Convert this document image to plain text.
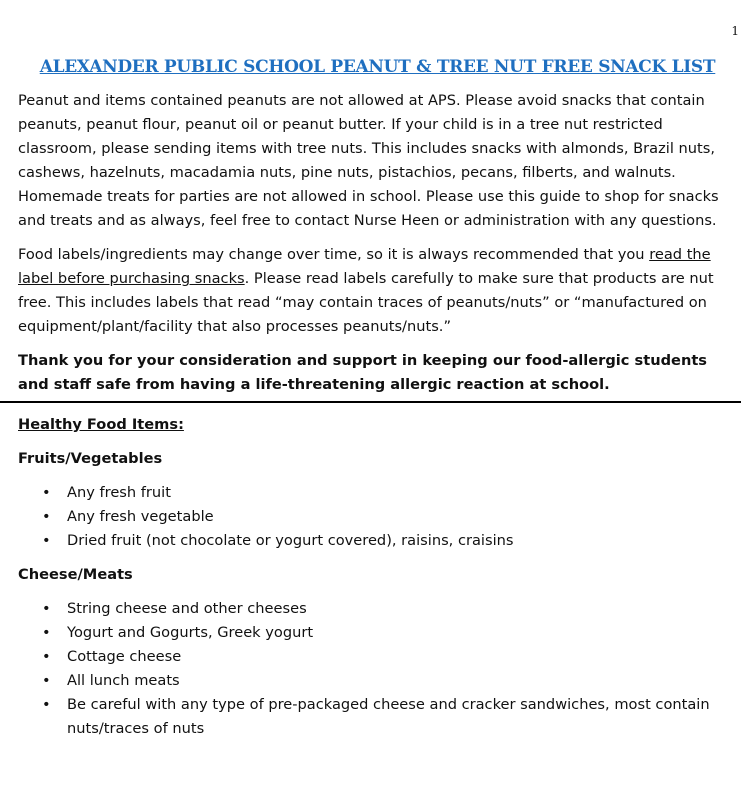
1
ALEXANDER PUBLIC SCHOOL PEANUT & TREE NUT FREE SNACK LIST

Peanut and items contained peanuts are not allowed at APS. Please avoid snacks that contain peanuts, peanut flour, peanut oil or peanut butter. If your child is in a tree nut restricted classroom, please sending items with tree nuts. This includes snacks with almonds, Brazil nuts, cashews, hazelnuts, macadamia nuts, pine nuts, pistachios, pecans, filberts, and walnuts. Homemade treats for parties are not allowed in school. Please use this guide to shop for snacks and treats and as always, feel free to contact Nurse Heen or administration with any questions.

Food labels/ingredients may change over time, so it is always recommended that you read the label before purchasing snacks. Please read labels carefully to make sure that products are nut free. This includes labels that read “may contain traces of peanuts/nuts” or “manufactured on equipment/plant/facility that also processes peanuts/nuts.”

Thank you for your consideration and support in keeping our food-allergic students and staff safe from having a life-threatening allergic reaction at school.

Healthy Food Items:
Fruits/Vegetables
• Any fresh fruit
• Any fresh vegetable
• Dried fruit (not chocolate or yogurt covered), raisins, craisins
Cheese/Meats
• String cheese and other cheeses
• Yogurt and Gogurts, Greek yogurt
• Cottage cheese
• All lunch meats
• Be careful with any type of pre-packaged cheese and cracker sandwiches, most contain nuts/traces of nuts
